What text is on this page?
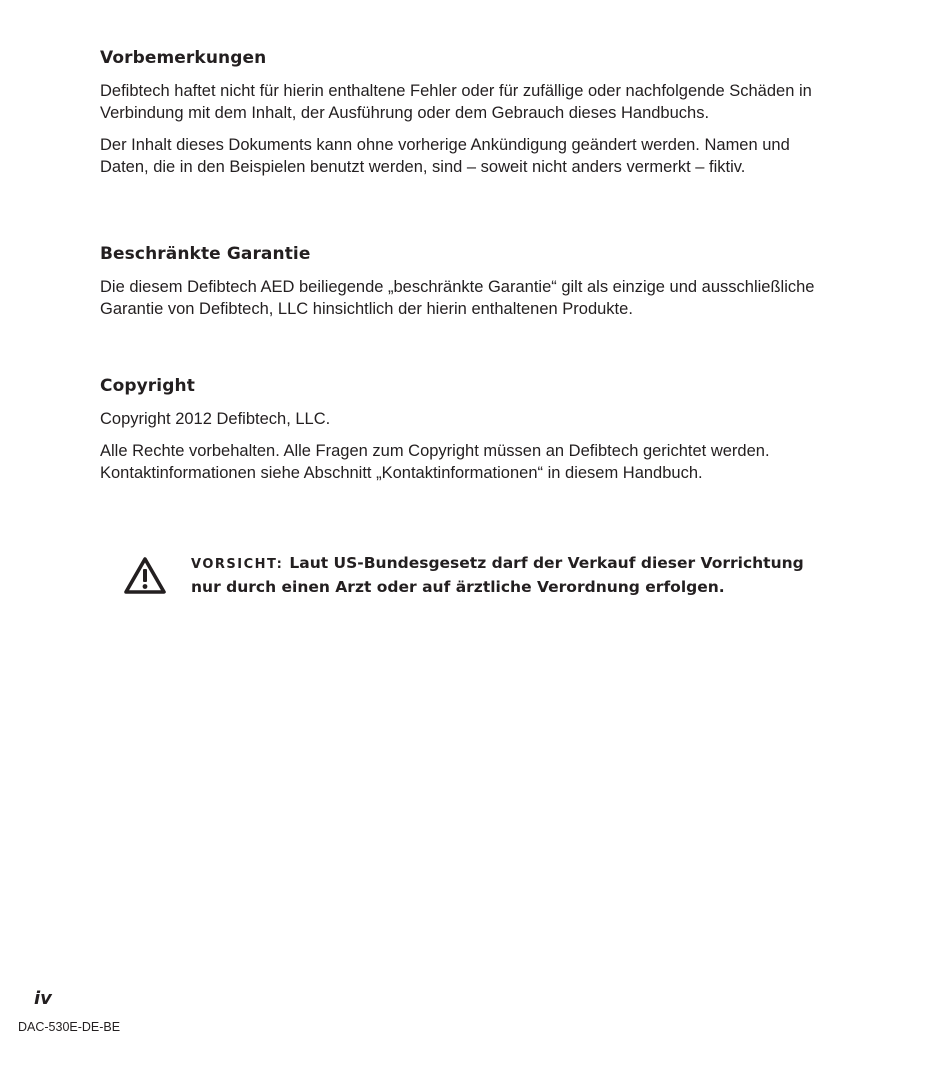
Vorbemerkungen

Defibtech haftet nicht für hierin enthaltene Fehler oder für zufällige oder nachfolgende Schäden in Verbindung mit dem Inhalt, der Ausführung oder dem Gebrauch dieses Handbuchs.

Der Inhalt dieses Dokuments kann ohne vorherige Ankündigung geändert werden. Namen und Daten, die in den Beispielen benutzt werden, sind – soweit nicht anders vermerkt – fiktiv.

Beschränkte Garantie

Die diesem Defibtech AED beiliegende „beschränkte Garantie“ gilt als einzige und ausschließliche Garantie von Defibtech, LLC hinsichtlich der hierin enthaltenen Produkte.

Copyright

Copyright 2012 Defibtech, LLC.

Alle Rechte vorbehalten. Alle Fragen zum Copyright müssen an Defibtech gerichtet werden. Kontaktinformationen siehe Abschnitt „Kontaktinformationen“ in diesem Handbuch.

VORSICHT: Laut US-Bundesgesetz darf der Verkauf dieser Vorrichtung nur durch einen Arzt oder auf ärztliche Verordnung erfolgen.
iv
DAC-530E-DE-BE
